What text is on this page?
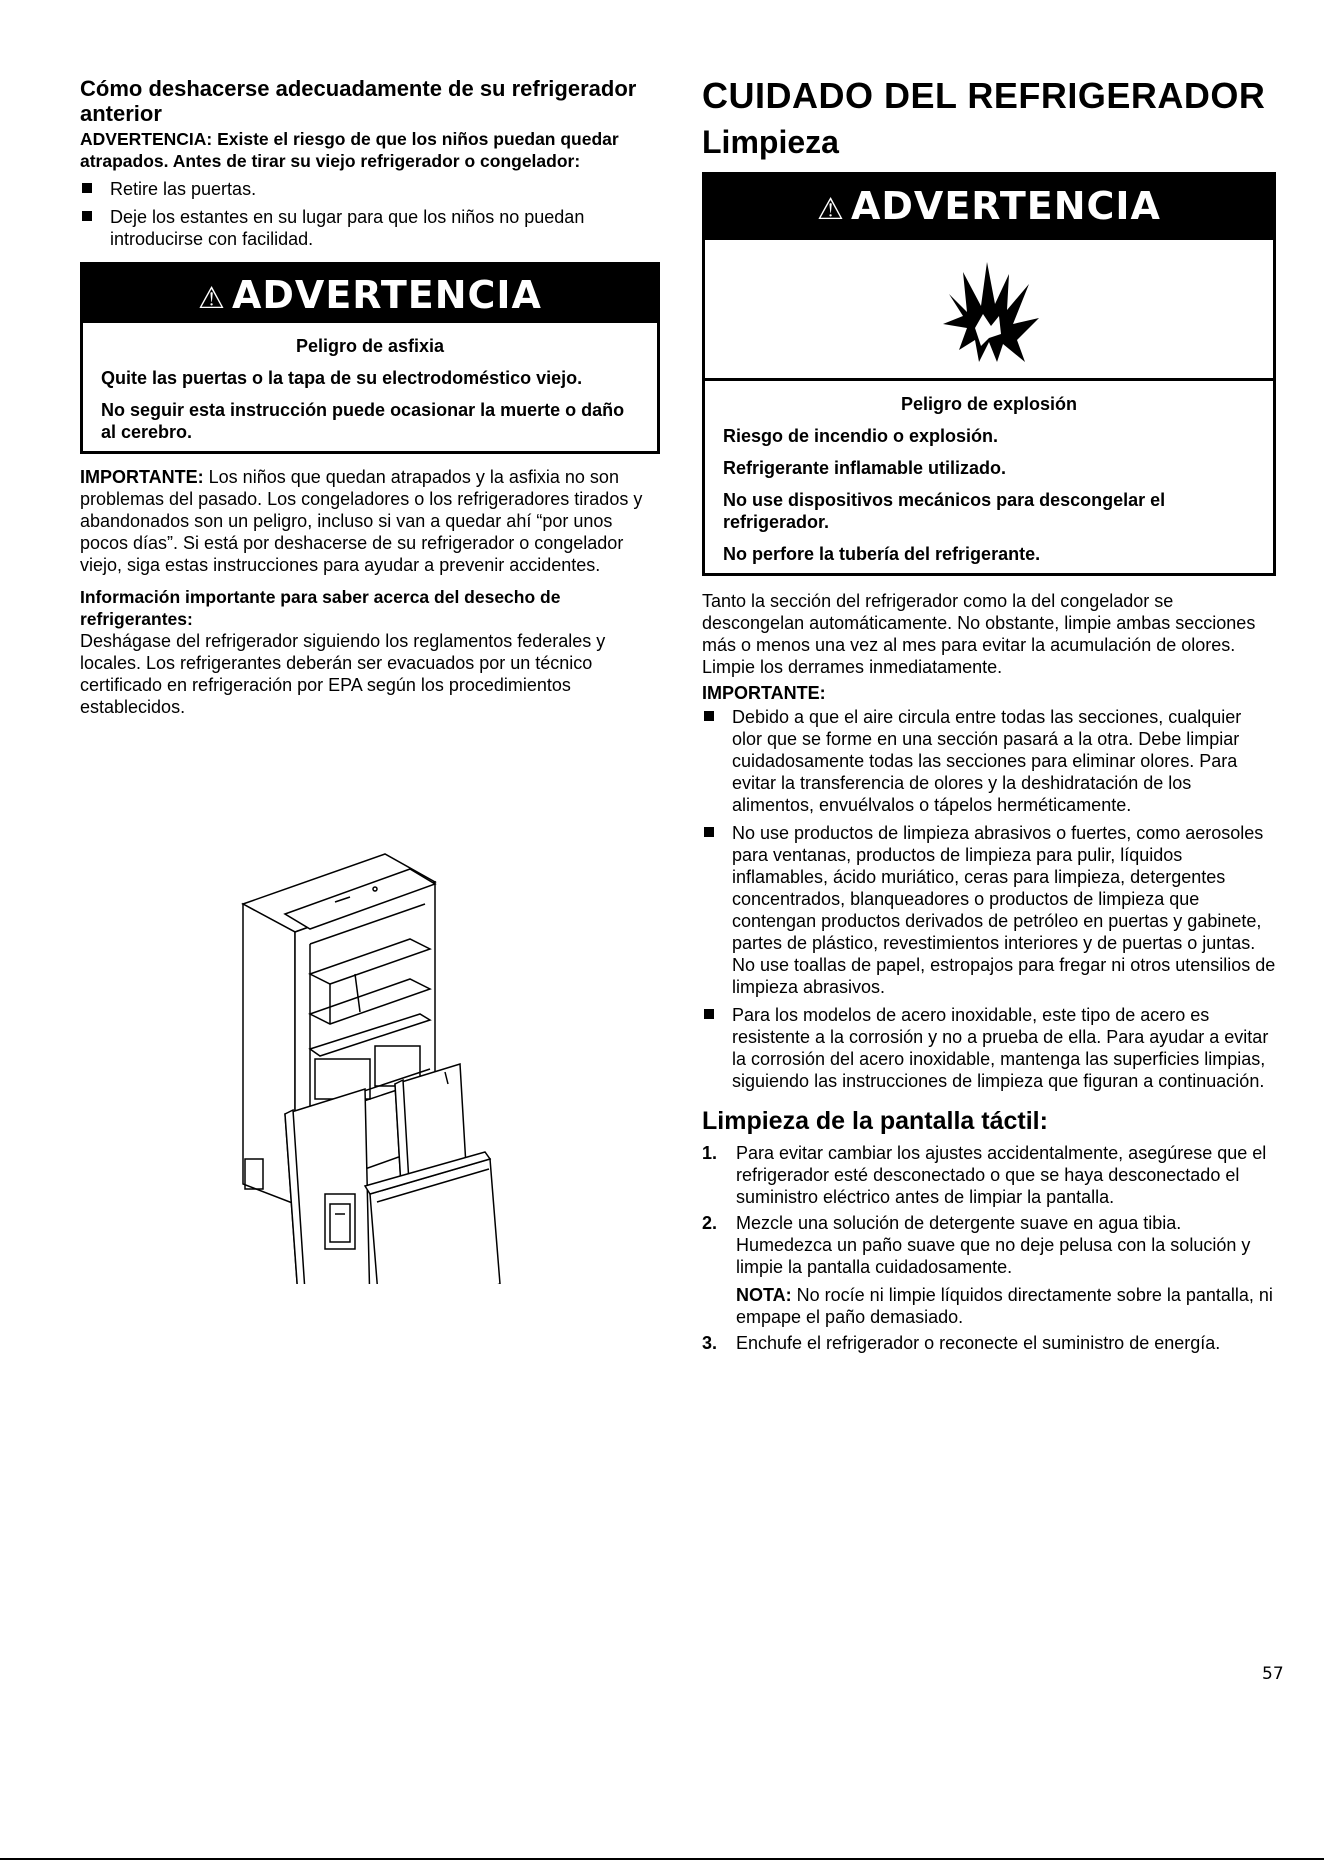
Cómo deshacerse adecuadamente de su refrigerador anterior

ADVERTENCIA: Existe el riesgo de que los niños puedan quedar atrapados. Antes de tirar su viejo refrigerador o congelador:

Retire las puertas.
Deje los estantes en su lugar para que los niños no puedan introducirse con facilidad.
⚠ ADVERTENCIA
Peligro de asfixia

Quite las puertas o la tapa de su electrodoméstico viejo.

No seguir esta instrucción puede ocasionar la muerte o daño al cerebro.

IMPORTANTE: Los niños que quedan atrapados y la asfixia no son problemas del pasado. Los congeladores o los refrigeradores tirados y abandonados son un peligro, incluso si van a quedar ahí “por unos pocos días”. Si está por deshacerse de su refrigerador o congelador viejo, siga estas instrucciones para ayudar a prevenir accidentes.

Información importante para saber acerca del desecho de refrigerantes:

Deshágase del refrigerador siguiendo los reglamentos federales y locales. Los refrigerantes deberán ser evacuados por un técnico certificado en refrigeración por EPA según los procedimientos establecidos.

CUIDADO DEL REFRIGERADOR
Limpieza
⚠ ADVERTENCIA
Peligro de explosión

Riesgo de incendio o explosión.

Refrigerante inflamable utilizado.

No use dispositivos mecánicos para descongelar el refrigerador.

No perfore la tubería del refrigerante.

Tanto la sección del refrigerador como la del congelador se descongelan automáticamente. No obstante, limpie ambas secciones más o menos una vez al mes para evitar la acumulación de olores. Limpie los derrames inmediatamente.

IMPORTANTE:

Debido a que el aire circula entre todas las secciones, cualquier olor que se forme en una sección pasará a la otra. Debe limpiar cuidadosamente todas las secciones para eliminar olores. Para evitar la transferencia de olores y la deshidratación de los alimentos, envuélvalos o tápelos herméticamente.
No use productos de limpieza abrasivos o fuertes, como aerosoles para ventanas, productos de limpieza para pulir, líquidos inflamables, ácido muriático, ceras para limpieza, detergentes concentrados, blanqueadores o productos de limpieza que contengan productos derivados de petróleo en puertas y gabinete, partes de plástico, revestimientos interiores y de puertas o juntas. No use toallas de papel, estropajos para fregar ni otros utensilios de limpieza abrasivos.
Para los modelos de acero inoxidable, este tipo de acero es resistente a la corrosión y no a prueba de ella. Para ayudar a evitar la corrosión del acero inoxidable, mantenga las superficies limpias, siguiendo las instrucciones de limpieza que figuran a continuación.
Limpieza de la pantalla táctil:
1. Para evitar cambiar los ajustes accidentalmente, asegúrese que el refrigerador esté desconectado o que se haya desconectado el suministro eléctrico antes de limpiar la pantalla.
2. Mezcle una solución de detergente suave en agua tibia. Humedezca un paño suave que no deje pelusa con la solución y limpie la pantalla cuidadosamente.
NOTA: No rocíe ni limpie líquidos directamente sobre la pantalla, ni empape el paño demasiado.
3. Enchufe el refrigerador o reconecte el suministro de energía.
57
